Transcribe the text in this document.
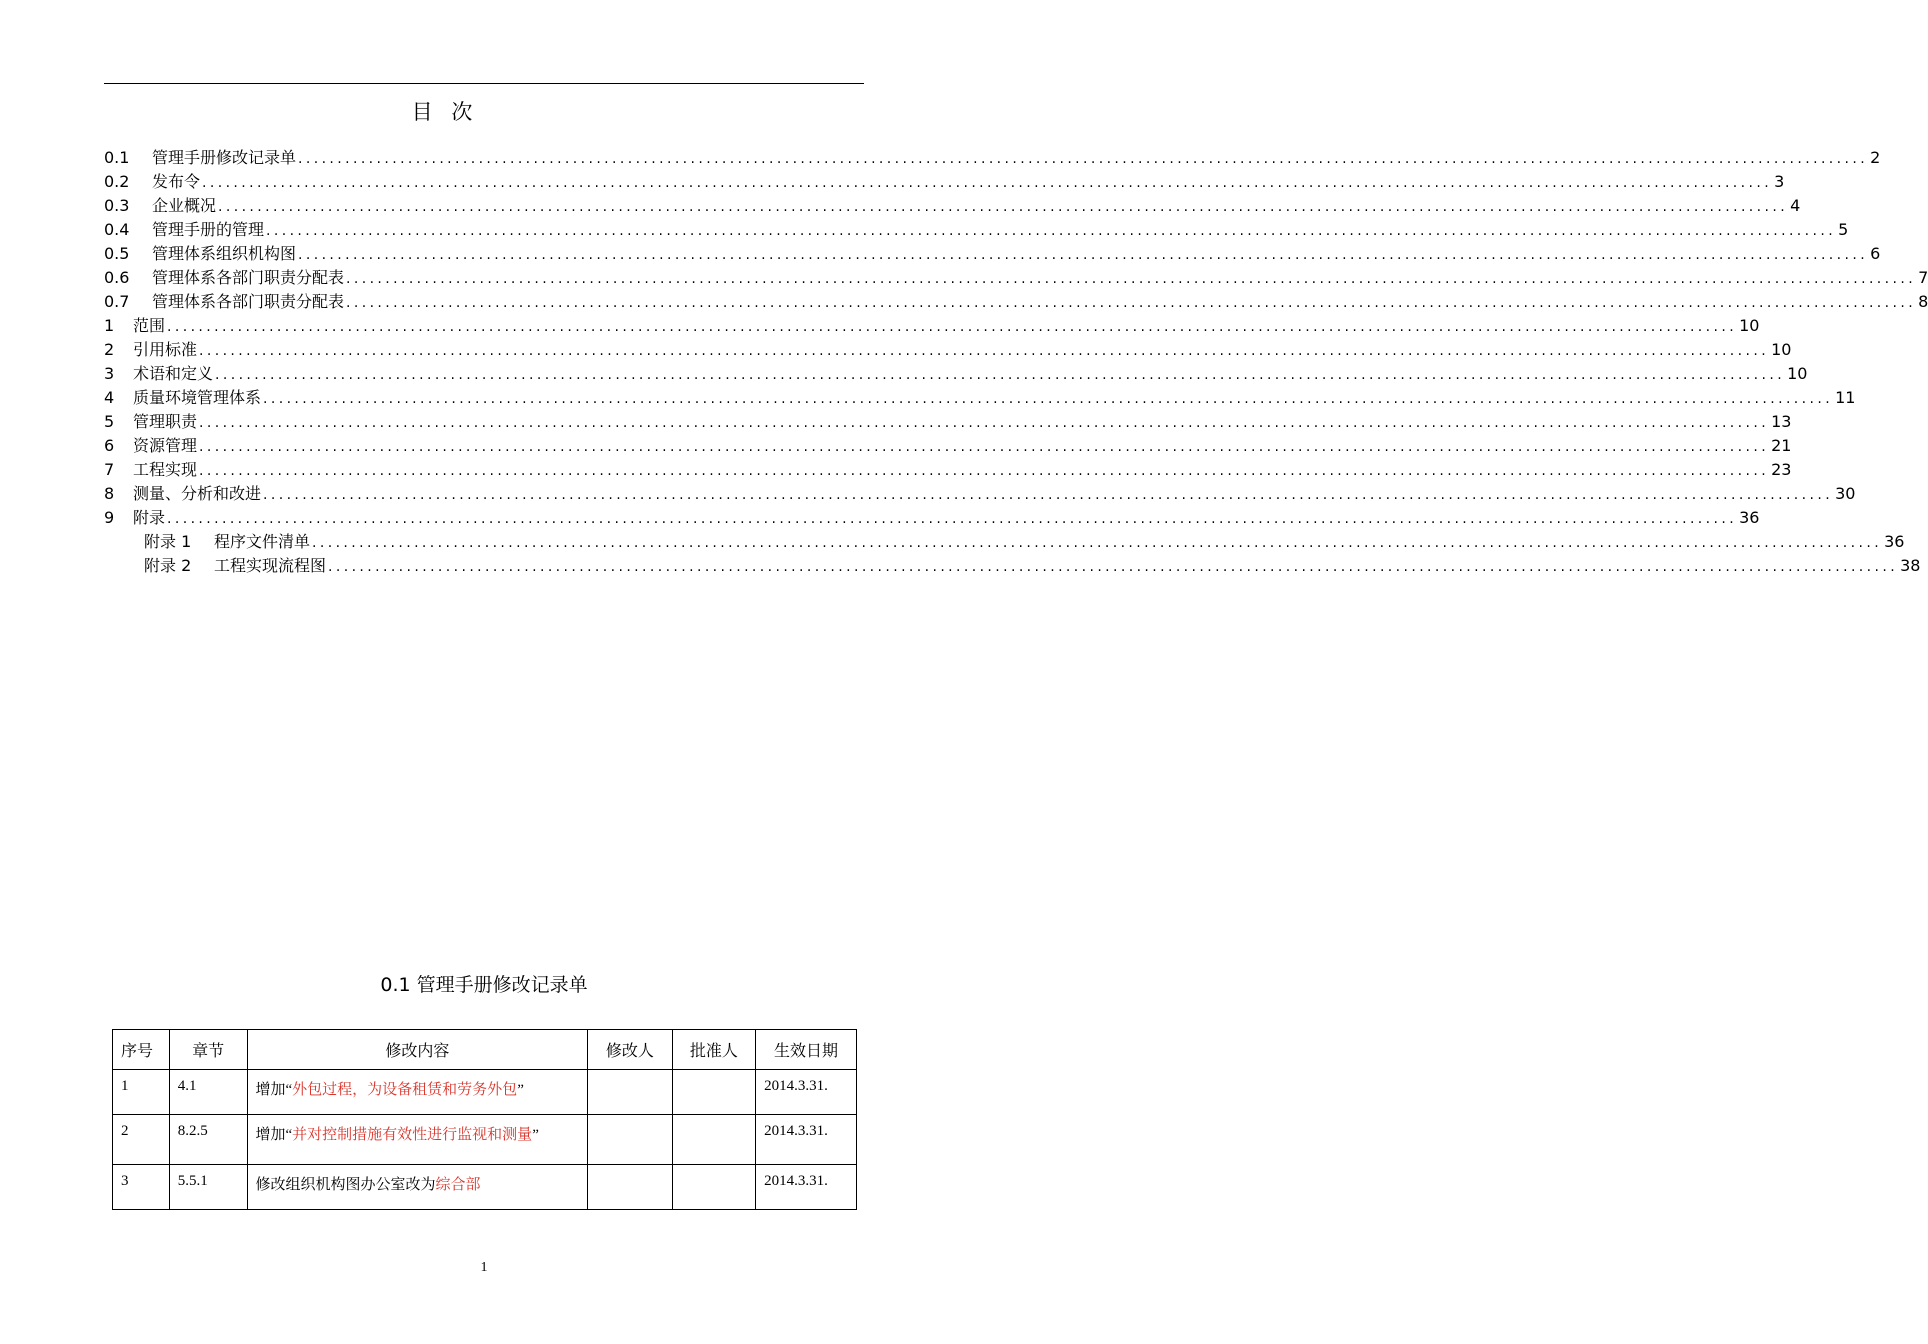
目 次
0.1	管理手册修改记录单 ........................................................................................................................................................................................................ 2
0.2	发布令 ........................................................................................................................................................................................................ 3
0.3	企业概况 ........................................................................................................................................................................................................ 4
0.4	管理手册的管理 ........................................................................................................................................................................................................ 5
0.5	管理体系组织机构图 ........................................................................................................................................................................................................ 6
0.6	管理体系各部门职责分配表 ........................................................................................................................................................................................................ 7
0.7	管理体系各部门职责分配表 ........................................................................................................................................................................................................ 8
1	范围 ........................................................................................................................................................................................................ 10
2	引用标准 ........................................................................................................................................................................................................ 10
3	术语和定义 ........................................................................................................................................................................................................ 10
4	质量环境管理体系 ........................................................................................................................................................................................................ 11
5	管理职责 ........................................................................................................................................................................................................ 13
6	资源管理 ........................................................................................................................................................................................................ 21
7	工程实现 ........................................................................................................................................................................................................ 23
8	测量、分析和改进 ........................................................................................................................................................................................................ 30
9	附录 ........................................................................................................................................................................................................ 36
附录 1	程序文件清单 ........................................................................................................................................................................................................ 36
附录 2	工程实现流程图 ........................................................................................................................................................................................................ 38
0.1 管理手册修改记录单
序号	章节	修改内容	修改人	批准人	生效日期
1	4.1	增加“外包过程，为设备租赁和劳务外包”			2014.3.31.
2	8.2.5	增加“并对控制措施有效性进行监视和测量”			2014.3.31.
3	5.5.1	修改组织机构图办公室改为综合部			2014.3.31.
1
